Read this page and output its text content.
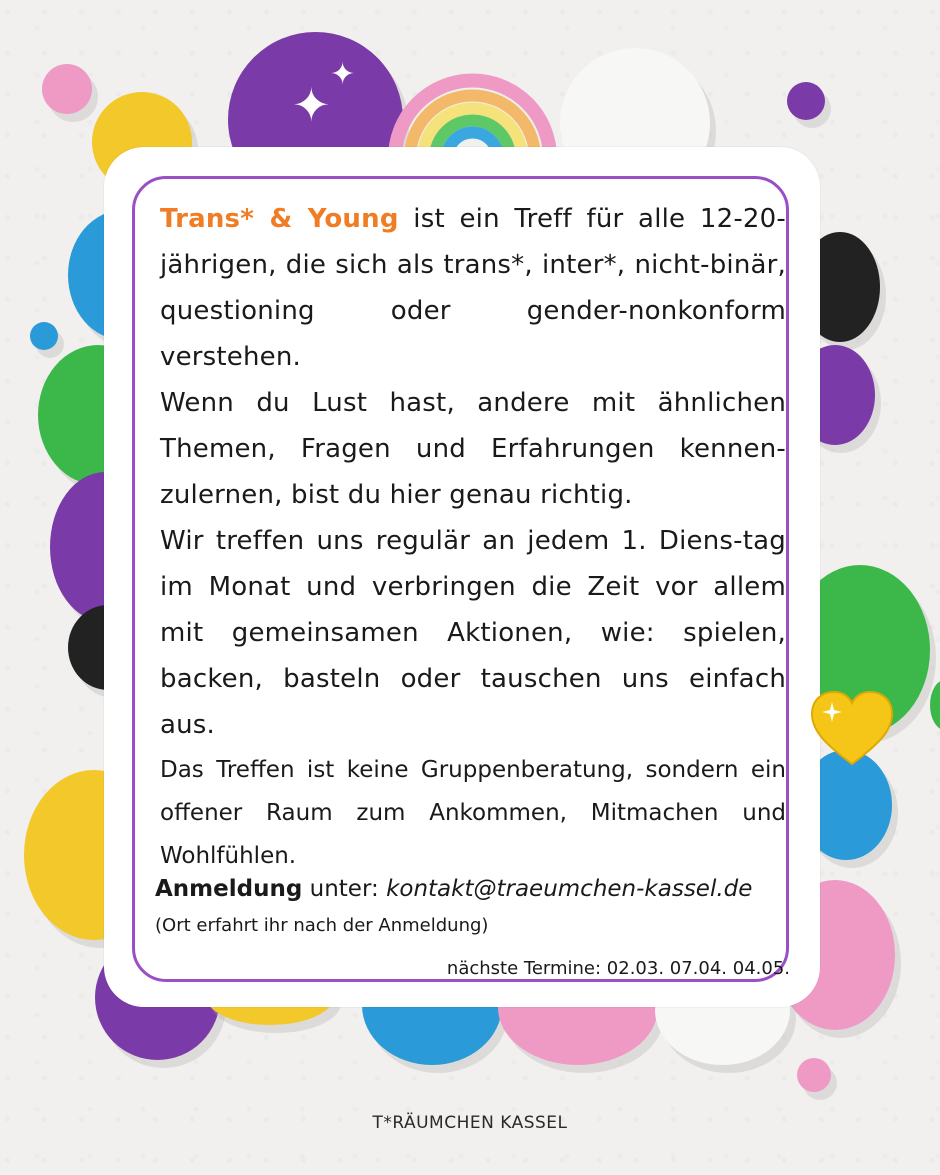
✦
✦

Trans* & Young ist ein Treff für alle 12-20-jährigen, die sich als trans*, inter*, nicht-binär, questioning oder gender-nonkonform verstehen.

Wenn du Lust hast, andere mit ähnlichen Themen, Fragen und Erfahrungen kennen-zulernen, bist du hier genau richtig.

Wir treffen uns regulär an jedem 1. Diens-tag im Monat und verbringen die Zeit vor allem mit gemeinsamen Aktionen, wie: spielen, backen, basteln oder tauschen uns einfach aus.

Das Treffen ist keine Gruppenberatung, sondern ein offener Raum zum Ankommen, Mitmachen und Wohlfühlen.

Anmeldung unter: kontakt@traeumchen-kassel.de
(Ort erfahrt ihr nach der Anmeldung)
nächste Termine: 02.03. 07.04. 04.05.
T*RÄUMCHEN KASSEL
